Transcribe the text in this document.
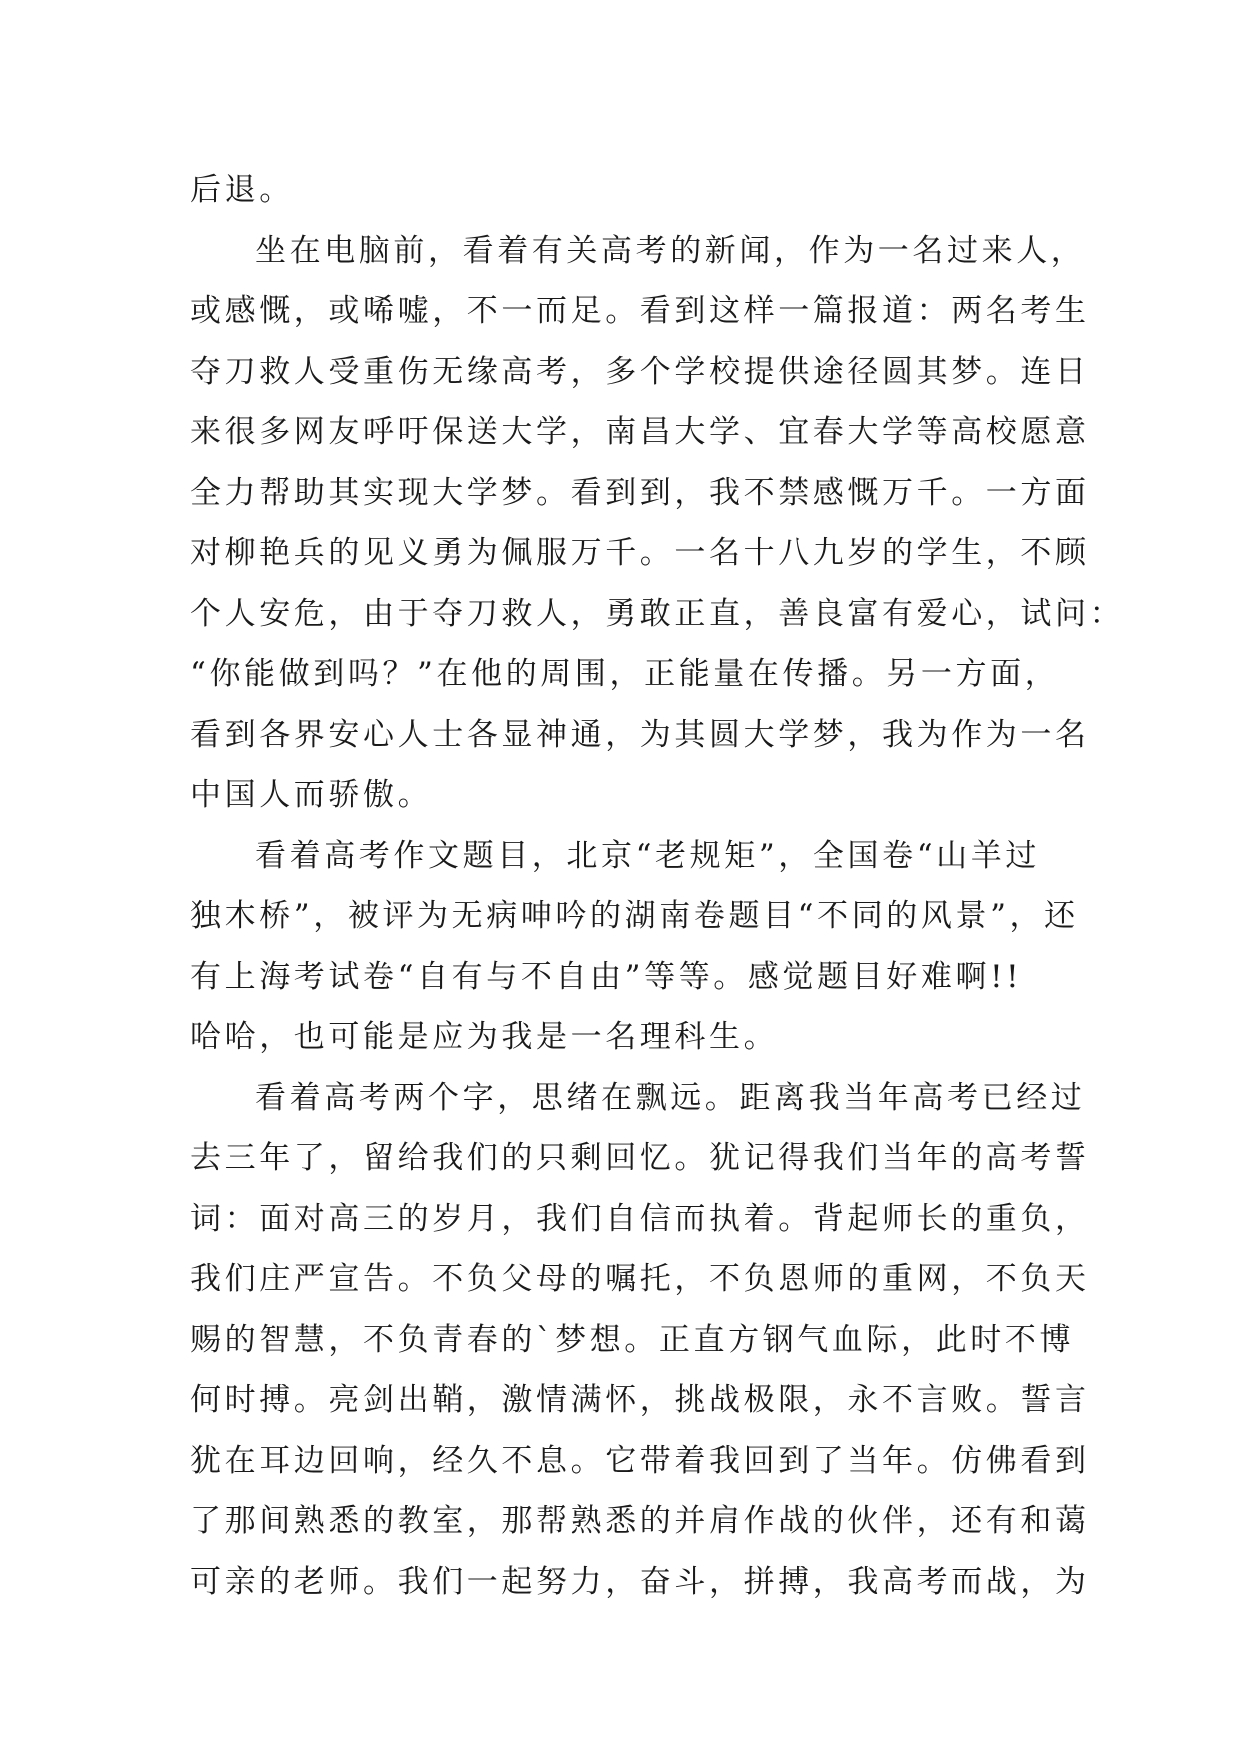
后退。
坐在电脑前，看着有关高考的新闻，作为一名过来人，
或感慨，或唏嘘，不一而足。看到这样一篇报道：两名考生
夺刀救人受重伤无缘高考，多个学校提供途径圆其梦。连日
来很多网友呼吁保送大学，南昌大学、宜春大学等高校愿意
全力帮助其实现大学梦。看到到，我不禁感慨万千。一方面
对柳艳兵的见义勇为佩服万千。一名十八九岁的学生，不顾
个人安危，由于夺刀救人，勇敢正直，善良富有爱心，试问：
“你能做到吗？”在他的周围，正能量在传播。另一方面，
看到各界安心人士各显神通，为其圆大学梦，我为作为一名
中国人而骄傲。
看着高考作文题目，北京“老规矩”，全国卷“山羊过
独木桥”，被评为无病呻吟的湖南卷题目“不同的风景”，还
有上海考试卷“自有与不自由”等等。感觉题目好难啊!!
哈哈，也可能是应为我是一名理科生。
看着高考两个字，思绪在飘远。距离我当年高考已经过
去三年了，留给我们的只剩回忆。犹记得我们当年的高考誓
词：面对高三的岁月，我们自信而执着。背起师长的重负，
我们庄严宣告。不负父母的嘱托，不负恩师的重网，不负天
赐的智慧，不负青春的`梦想。正直方钢气血际，此时不博
何时搏。亮剑出鞘，激情满怀，挑战极限，永不言败。誓言
犹在耳边回响，经久不息。它带着我回到了当年。仿佛看到
了那间熟悉的教室，那帮熟悉的并肩作战的伙伴，还有和蔼
可亲的老师。我们一起努力，奋斗，拼搏，我高考而战，为
